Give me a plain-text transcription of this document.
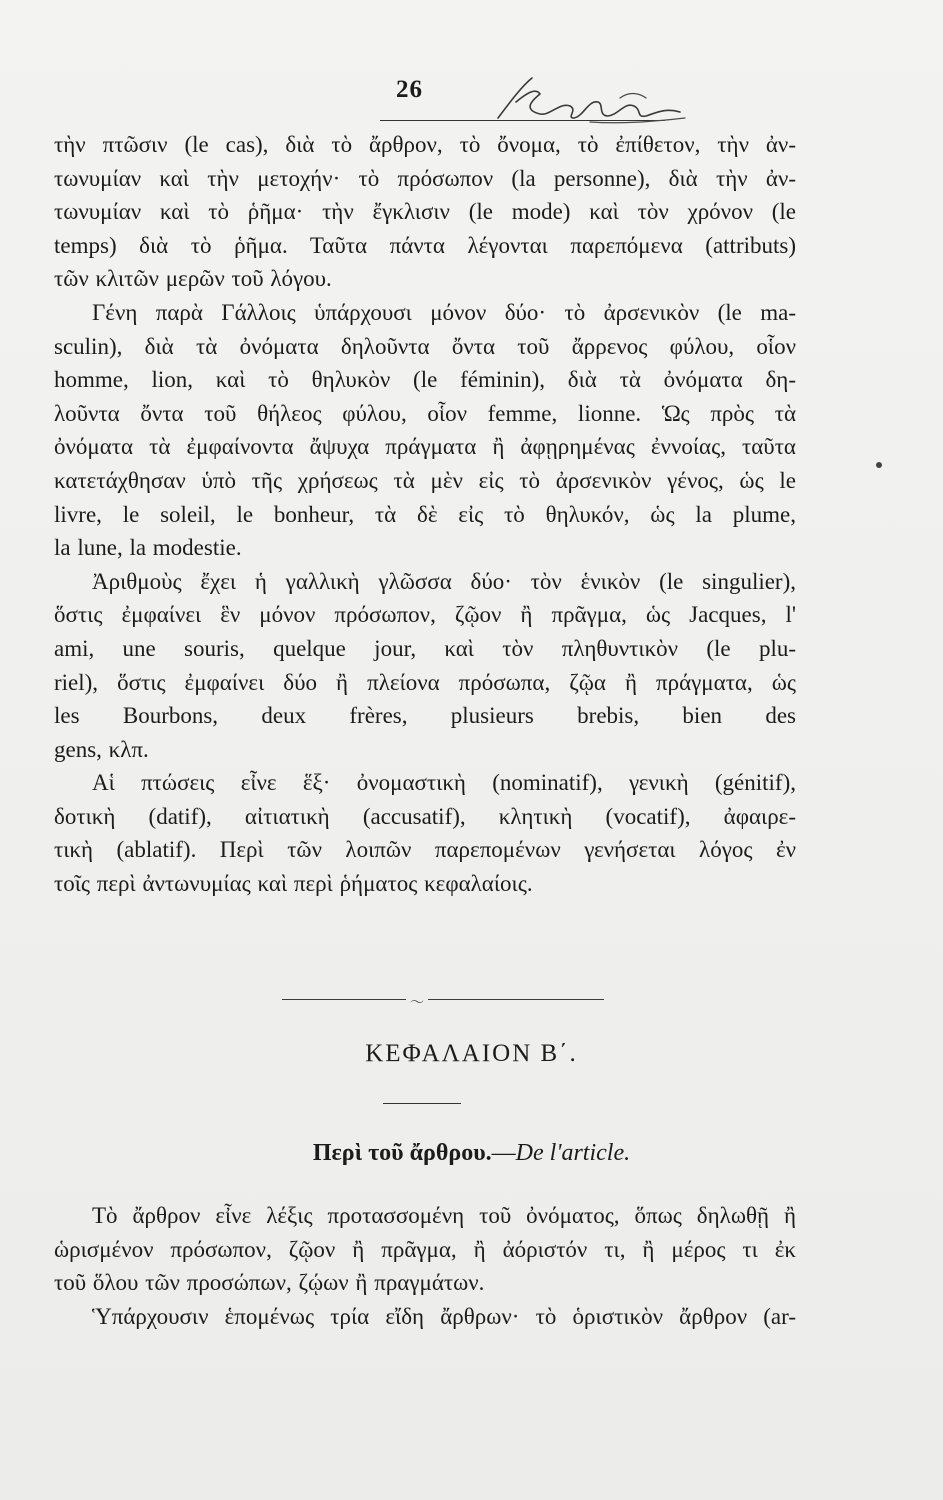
26
τὴν πτῶσιν (le cas), διὰ τὸ ἄρθρον, τὸ ὄνομα, τὸ ἐπίθετον, τὴν ἀν-
τωνυμίαν καὶ τὴν μετοχήν· τὸ πρόσωπον (la personne), διὰ τὴν ἀν-
τωνυμίαν καὶ τὸ ῥῆμα· τὴν ἔγκλισιν (le mode) καὶ τὸν χρόνον (le
temps) διὰ τὸ ῥῆμα. Ταῦτα πάντα λέγονται παρεπόμενα (attributs)
τῶν κλιτῶν μερῶν τοῦ λόγου.
Γένη παρὰ Γάλλοις ὑπάρχουσι μόνον δύο· τὸ ἀρσενικὸν (le ma-
sculin), διὰ τὰ ὀνόματα δηλοῦντα ὄντα τοῦ ἄρρενος φύλου, οἷον
homme, lion, καὶ τὸ θηλυκὸν (le féminin), διὰ τὰ ὀνόματα δη-
λοῦντα ὄντα τοῦ θήλεος φύλου, οἷον femme, lionne. Ὡς πρὸς τὰ
ὀνόματα τὰ ἐμφαίνοντα ἄψυχα πράγματα ἢ ἀφῃρημένας ἐννοίας, ταῦτα
κατετάχθησαν ὑπὸ τῆς χρήσεως τὰ μὲν εἰς τὸ ἀρσενικὸν γένος, ὡς le
livre, le soleil, le bonheur, τὰ δὲ εἰς τὸ θηλυκόν, ὡς la plume,
la lune, la modestie.
Ἀριθμοὺς ἔχει ἡ γαλλικὴ γλῶσσα δύο· τὸν ἑνικὸν (le singulier),
ὅστις ἐμφαίνει ἓν μόνον πρόσωπον, ζῷον ἢ πρᾶγμα, ὡς Jacques, l'
ami, une souris, quelque jour, καὶ τὸν πληθυντικὸν (le plu-
riel), ὅστις ἐμφαίνει δύο ἢ πλείονα πρόσωπα, ζῷα ἢ πράγματα, ὡς
les Bourbons, deux frères, plusieurs brebis, bien des
gens, κλπ.
Αἱ πτώσεις εἶνε ἕξ· ὀνομαστικὴ (nominatif), γενικὴ (génitif),
δοτικὴ (datif), αἰτιατικὴ (accusatif), κλητικὴ (vocatif), ἀφαιρε-
τικὴ (ablatif). Περὶ τῶν λοιπῶν παρεπομένων γενήσεται λόγος ἐν
τοῖς περὶ ἀντωνυμίας καὶ περὶ ῥήματος κεφαλαίοις.
〜
ΚΕΦΑΛΑΙΟΝ Β΄.
Περὶ τοῦ ἄρθρου.—De l'article.
Τὸ ἄρθρον εἶνε λέξις προτασσομένη τοῦ ὀνόματος, ὅπως δηλωθῇ ἢ
ὡρισμένον πρόσωπον, ζῷον ἢ πρᾶγμα, ἢ ἀόριστόν τι, ἢ μέρος τι ἐκ
τοῦ ὅλου τῶν προσώπων, ζῴων ἢ πραγμάτων.
Ὑπάρχουσιν ἑπομένως τρία εἴδη ἄρθρων· τὸ ὁριστικὸν ἄρθρον (ar-
